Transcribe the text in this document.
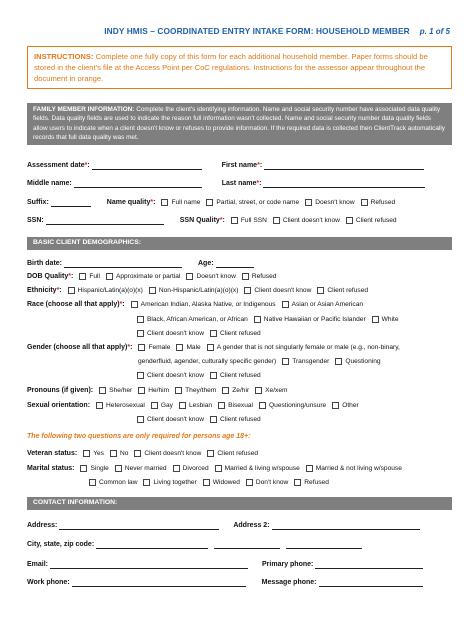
INDY HMIS – COORDINATED ENTRY INTAKE FORM: HOUSEHOLD MEMBER p. 1 of 5
INSTRUCTIONS: Complete one fully copy of this form for each additional household member. Paper forms should be stored in the client's file at the Access Point per CoC regulations. Instructions for the assessor appear throughout the document in orange.
FAMILY MEMBER INFORMATION: Complete the client's identifying information. Name and social security number have associated data quality fields. Data quality fields are used to indicate the reason full information wasn't collected. Name and social security number data quality fields allow users to indicate when a client doesn't know or refuses to provide information. If the required data is collected then ClientTrack automatically records that full data quality was met.
Assessment date * :	First name * :
Middle name:	Last name * :
Suffix:	Name quality * : Full name Partial, street, or code name Doesn't know Refused
SSN:	SSN Quality * : Full SSN Client doesn't know Client refused
BASIC CLIENT DEMOGRAPHICS:
Birth date:	Age:
DOB Quality * : Full Approximate or partial Doesn't know Refused
Ethnicity * : Hispanic/Latin(a)(o)(x) Non-Hispanic/Latin(a)(o)(x) Client doesn't know Client refused
Race (choose all that apply) * : American Indian, Alaska Native, or Indigenous Asian or Asian American
Black, African American, or African Native Hawaiian or Pacific Islander White
Client doesn't know Client refused
Gender (choose all that apply) * : Female Male A gender that is not singularly female or male (e.g., non-binary,
genderfluid, agender, culturally specific gender) Transgender Questioning
Client doesn't know Client refused
Pronouns (if given) : She/her He/him They/them Ze/hir Xe/xem
Sexual orientation : Heterosexual Gay Lesbian Bisexual Questioning/unsure Other
Client doesn't know Client refused
The following two questions are only required for persons age 18+:
Veteran status: Yes No Client doesn't know Client refused
Marital status: Single Never married Divorced Married & living w/spouse Married & not living w/spouse
Common law Living together Widowed Don't know Refused
CONTACT INFORMATION:
Address:	Address 2:
City, state, zip code:
Email:	Primary phone:
Work phone:	Message phone:
